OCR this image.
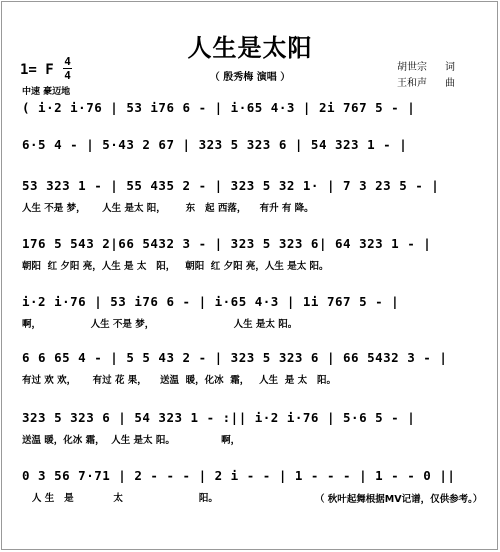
人生是太阳
（ 殷秀梅 演唱 ）
胡世宗 词
王和声 曲
1= F
4
4
中速 豪迈地
( i·2 i·76 | 53 i76 6 - | i·65 4·3 | 2i 767 5 - |
6·5 4 - | 5·43 2 67 | 323 5 323 6 | 54 323 1 - |
53 323 1 - | 55 435 2 - | 323 5 32 1· | 7 3 23 5 - |
人生 不是 梦，     人生 是太 阳，      东   起 西落，    有升 有 降。
176 5 543 2|66 5432 3 - | 323 5 323 6| 64 323 1 - |
朝阳  红 夕阳 亮，人生 是 太   阳，   朝阳  红 夕阳 亮，人生 是太 阳。
i·2 i·76 | 53 i76 6 - | i·65 4·3 | 1i 767 5 - |
啊，               人生 不是 梦，                        人生 是太 阳。
6 6 65 4 - | 5 5 43 2 - | 323 5 323 6 | 66 5432 3 - |
有过 欢 欢，     有过 花 果，    送温  暖，化冰  霜，   人生  是 太   阳。
323 5 323 6 | 54 323 1 - :|| i·2 i·76 | 5·6 5 - |
送温 暖，化冰 霜，  人生 是太 阳。              啊，
0 3 56 7·71 | 2 - - - | 2 i - - | 1 - - - | 1 - - 0 ||
人 生   是            太                       阳。	（ 秋叶起舞根据MV记谱，仅供参考。）
